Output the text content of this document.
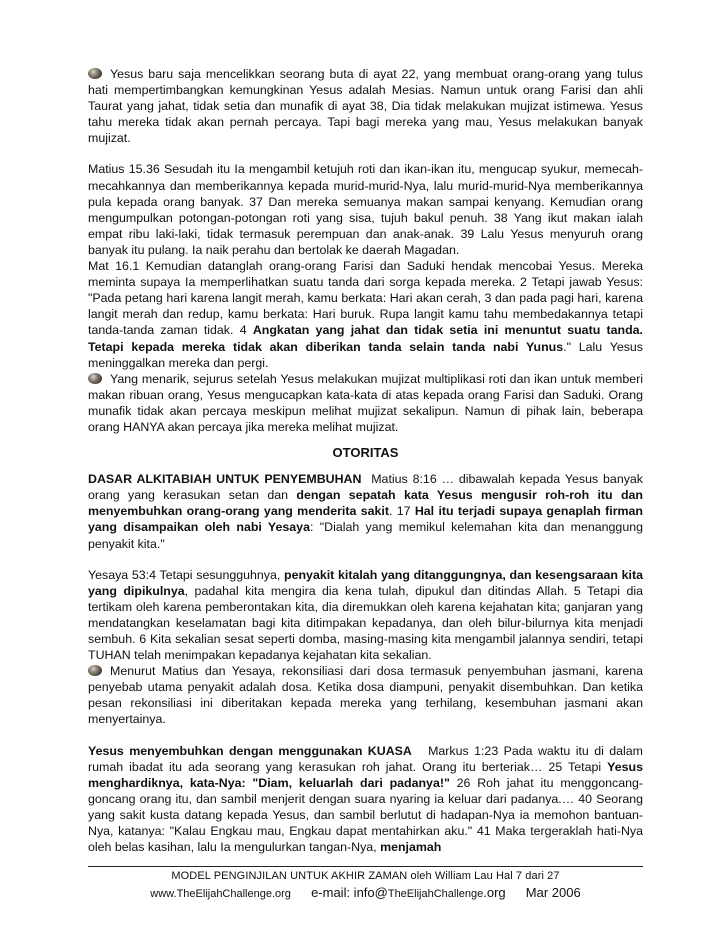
Yesus baru saja mencelikkan seorang buta di ayat 22, yang membuat orang-orang yang tulus hati mempertimbangkan kemungkinan Yesus adalah Mesias. Namun untuk orang Farisi dan ahli Taurat yang jahat, tidak setia dan munafik di ayat 38, Dia tidak melakukan mujizat istimewa. Yesus tahu mereka tidak akan pernah percaya. Tapi bagi mereka yang mau, Yesus melakukan banyak mujizat.

Matius 15.36 Sesudah itu Ia mengambil ketujuh roti dan ikan-ikan itu, mengucap syukur, memecah-mecahkannya dan memberikannya kepada murid-murid-Nya, lalu murid-murid-Nya memberikannya pula kepada orang banyak. 37 Dan mereka semuanya makan sampai kenyang. Kemudian orang mengumpulkan potongan-potongan roti yang sisa, tujuh bakul penuh. 38 Yang ikut makan ialah empat ribu laki-laki, tidak termasuk perempuan dan anak-anak. 39 Lalu Yesus menyuruh orang banyak itu pulang. Ia naik perahu dan bertolak ke daerah Magadan.

Mat 16.1 Kemudian datanglah orang-orang Farisi dan Saduki hendak mencobai Yesus. Mereka meminta supaya Ia memperlihatkan suatu tanda dari sorga kepada mereka. 2 Tetapi jawab Yesus: "Pada petang hari karena langit merah, kamu berkata: Hari akan cerah, 3 dan pada pagi hari, karena langit merah dan redup, kamu berkata: Hari buruk. Rupa langit kamu tahu membedakannya tetapi tanda-tanda zaman tidak. 4 Angkatan yang jahat dan tidak setia ini menuntut suatu tanda. Tetapi kepada mereka tidak akan diberikan tanda selain tanda nabi Yunus." Lalu Yesus meninggalkan mereka dan pergi.

Yang menarik, sejurus setelah Yesus melakukan mujizat multiplikasi roti dan ikan untuk memberi makan ribuan orang, Yesus mengucapkan kata-kata di atas kepada orang Farisi dan Saduki. Orang munafik tidak akan percaya meskipun melihat mujizat sekalipun. Namun di pihak lain, beberapa orang HANYA akan percaya jika mereka melihat mujizat.

OTORITAS

DASAR ALKITABIAH UNTUK PENYEMBUHAN  Matius 8:16 … dibawalah kepada Yesus banyak orang yang kerasukan setan dan dengan sepatah kata Yesus mengusir roh-roh itu dan menyembuhkan orang-orang yang menderita sakit. 17 Hal itu terjadi supaya genaplah firman yang disampaikan oleh nabi Yesaya: "Dialah yang memikul kelemahan kita dan menanggung penyakit kita."

Yesaya 53:4 Tetapi sesungguhnya, penyakit kitalah yang ditanggungnya, dan kesengsaraan kita yang dipikulnya, padahal kita mengira dia kena tulah, dipukul dan ditindas Allah. 5 Tetapi dia tertikam oleh karena pemberontakan kita, dia diremukkan oleh karena kejahatan kita; ganjaran yang mendatangkan keselamatan bagi kita ditimpakan kepadanya, dan oleh bilur-bilurnya kita menjadi sembuh. 6 Kita sekalian sesat seperti domba, masing-masing kita mengambil jalannya sendiri, tetapi TUHAN telah menimpakan kepadanya kejahatan kita sekalian.

Menurut Matius dan Yesaya, rekonsiliasi dari dosa termasuk penyembuhan jasmani, karena penyebab utama penyakit adalah dosa. Ketika dosa diampuni, penyakit disembuhkan. Dan ketika pesan rekonsiliasi ini diberitakan kepada mereka yang terhilang, kesembuhan jasmani akan menyertainya.

Yesus menyembuhkan dengan menggunakan KUASA   Markus 1:23 Pada waktu itu di dalam rumah ibadat itu ada seorang yang kerasukan roh jahat. Orang itu berteriak… 25 Tetapi Yesus menghardiknya, kata-Nya: "Diam, keluarlah dari padanya!" 26 Roh jahat itu menggoncang-goncang orang itu, dan sambil menjerit dengan suara nyaring ia keluar dari padanya.… 40 Seorang yang sakit kusta datang kepada Yesus, dan sambil berlutut di hadapan-Nya ia memohon bantuan-Nya, katanya: "Kalau Engkau mau, Engkau dapat mentahirkan aku." 41 Maka tergeraklah hati-Nya oleh belas kasihan, lalu Ia mengulurkan tangan-Nya, menjamah

MODEL PENGINJILAN UNTUK AKHIR ZAMAN oleh William Lau Hal 7 dari 27
www.TheElijahChallenge.org e-mail: info@TheElijahChallenge.org Mar 2006
